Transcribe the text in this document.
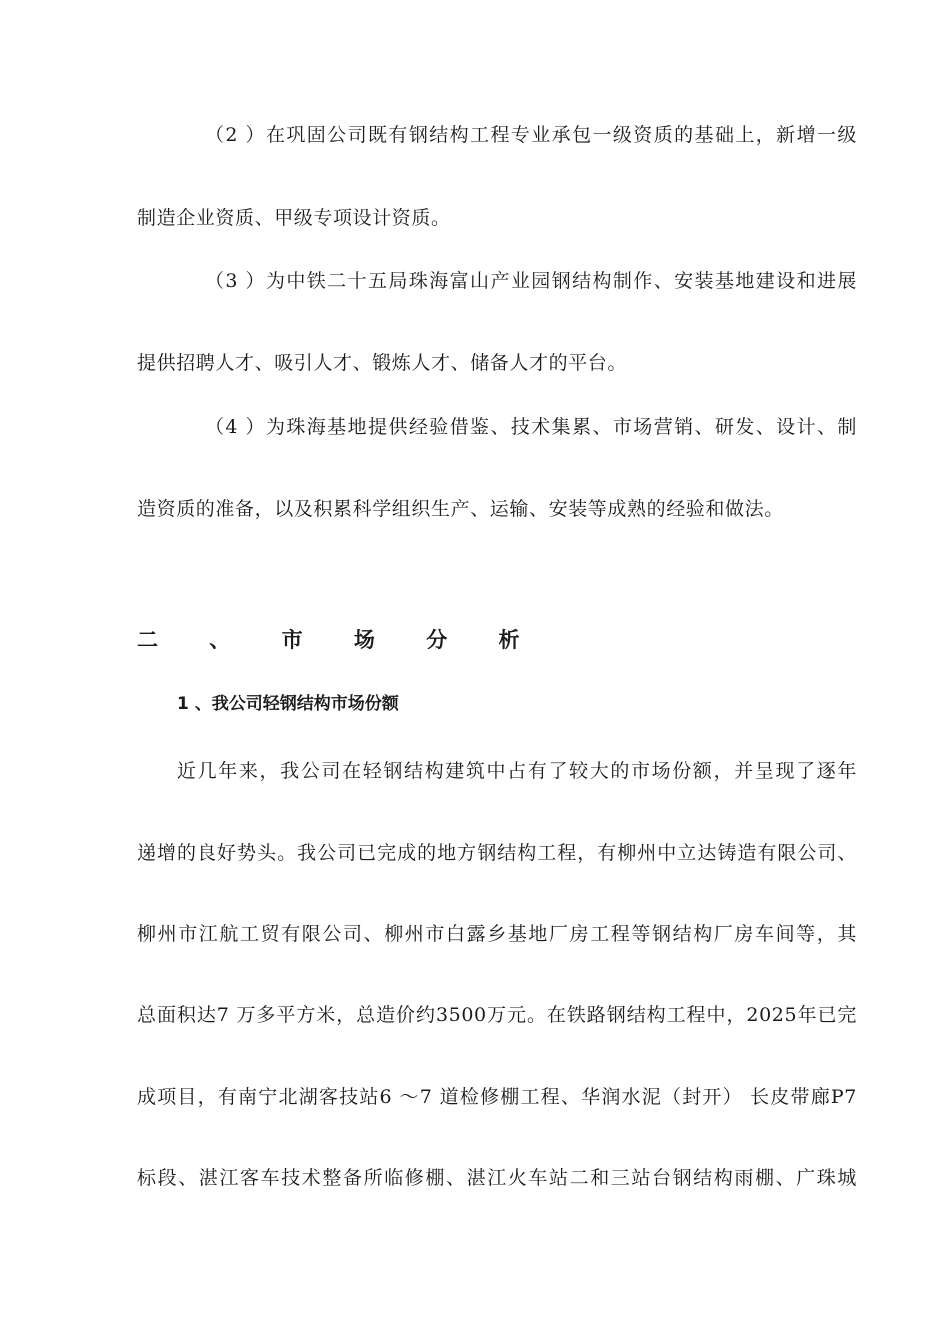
（2 ）在巩固公司既有钢结构工程专业承包一级资质的基础上，新增一级
制造企业资质、甲级专项设计资质。
（3 ）为中铁二十五局珠海富山产业园钢结构制作、安装基地建设和进展
提供招聘人才、吸引人才、锻炼人才、储备人才的平台。
（4 ）为珠海基地提供经验借鉴、技术集累、市场营销、研发、设计、制
造资质的准备，以及积累科学组织生产、运输、安装等成熟的经验和做法。
二 、 市 场 分 析
1 、我公司轻钢结构市场份额
近几年来，我公司在轻钢结构建筑中占有了较大的市场份额，并呈现了逐年
递增的良好势头。我公司已完成的地方钢结构工程，有柳州中立达铸造有限公司、
柳州市江航工贸有限公司、柳州市白露乡基地厂房工程等钢结构厂房车间等，其
总面积达7 万多平方米，总造价约3500万元。在铁路钢结构工程中，2025年已完
成项目，有南宁北湖客技站6 ～7 道检修棚工程、华润水泥（封开） 长皮带廊P7
标段、湛江客车技术整备所临修棚、湛江火车站二和三站台钢结构雨棚、广珠城
